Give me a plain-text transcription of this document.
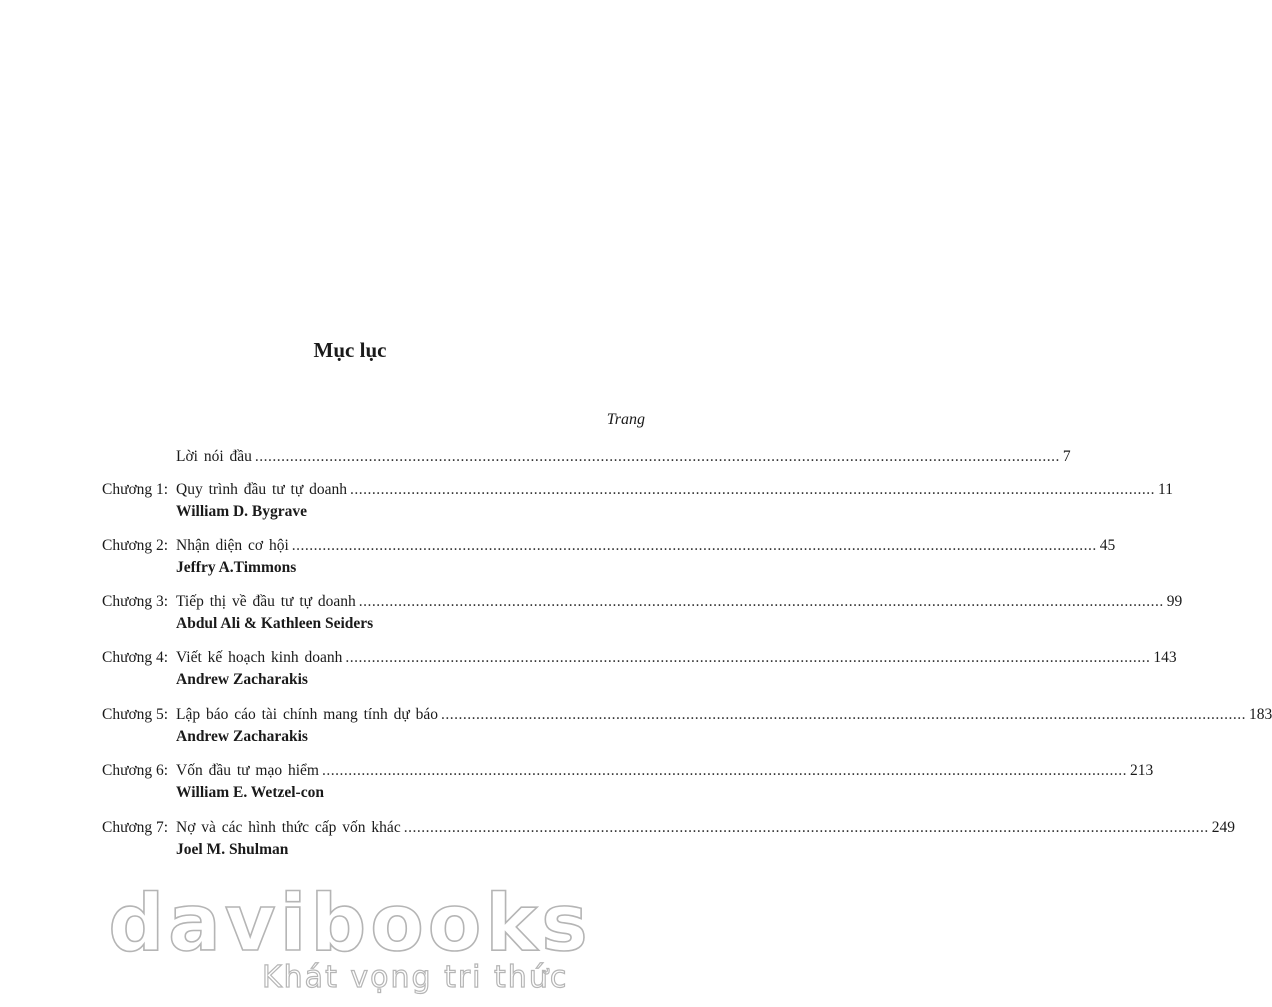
Mục lục
Trang
Lời nói đầu ........................................................................................................................................................................................ 7
Chương 1: Quy trình đầu tư tự doanh ........................................................................................................................................................................................ 11
William D. Bygrave
Chương 2: Nhận diện cơ hội ........................................................................................................................................................................................ 45
Jeffry A.Timmons
Chương 3: Tiếp thị về đầu tư tự doanh ........................................................................................................................................................................................ 99
Abdul Ali & Kathleen Seiders
Chương 4: Viết kế hoạch kinh doanh ........................................................................................................................................................................................ 143
Andrew Zacharakis
Chương 5: Lập báo cáo tài chính mang tính dự báo ........................................................................................................................................................................................ 183
Andrew Zacharakis
Chương 6: Vốn đầu tư mạo hiểm ........................................................................................................................................................................................ 213
William E. Wetzel-con
Chương 7: Nợ và các hình thức cấp vốn khác ........................................................................................................................................................................................ 249
Joel M. Shulman
davibooks
Khát vọng tri thức
